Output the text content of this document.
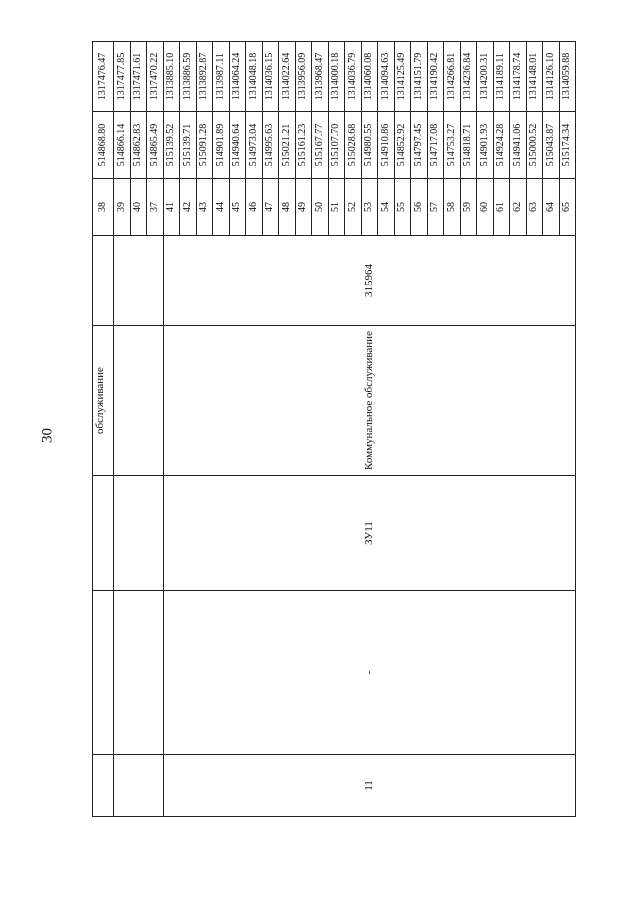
30
			обслуживание		38	514868.80	1317476.47
					39	514866.14	1317477.85
					40	514862.83	1317471.61
					37	514865.49	1317470.22
11	-	ЗУ11	Коммунальное обслуживание	315964	41	515139.52	1313885.10
					42	515139.71	1313886.59
					43	515091.28	1313892.87
					44	514901.89	1313987.11
					45	514940.64	1314064.24
					46	514973.04	1314048.18
					47	514995.63	1314036.15
					48	515021.21	1314022.64
					49	515161.23	1313956.09
					50	515167.77	1313968.47
					51	515107.70	1314000.18
					52	515028.68	1314036.79
					53	514980.55	1314060.08
					54	514910.86	1314094.63
					55	514852.92	1314125.49
					56	514797.45	1314151.79
					57	514717.08	1314190.42
					58	514753.27	1314266.81
					59	514818.71	1314236.84
					60	514901.93	1314200.31
					61	514924.28	1314189.11
					62	514941.06	1314178.74
					63	515000.52	1314148.01
					64	515043.87	1314126.10
					65	515174.34	1314059.88
